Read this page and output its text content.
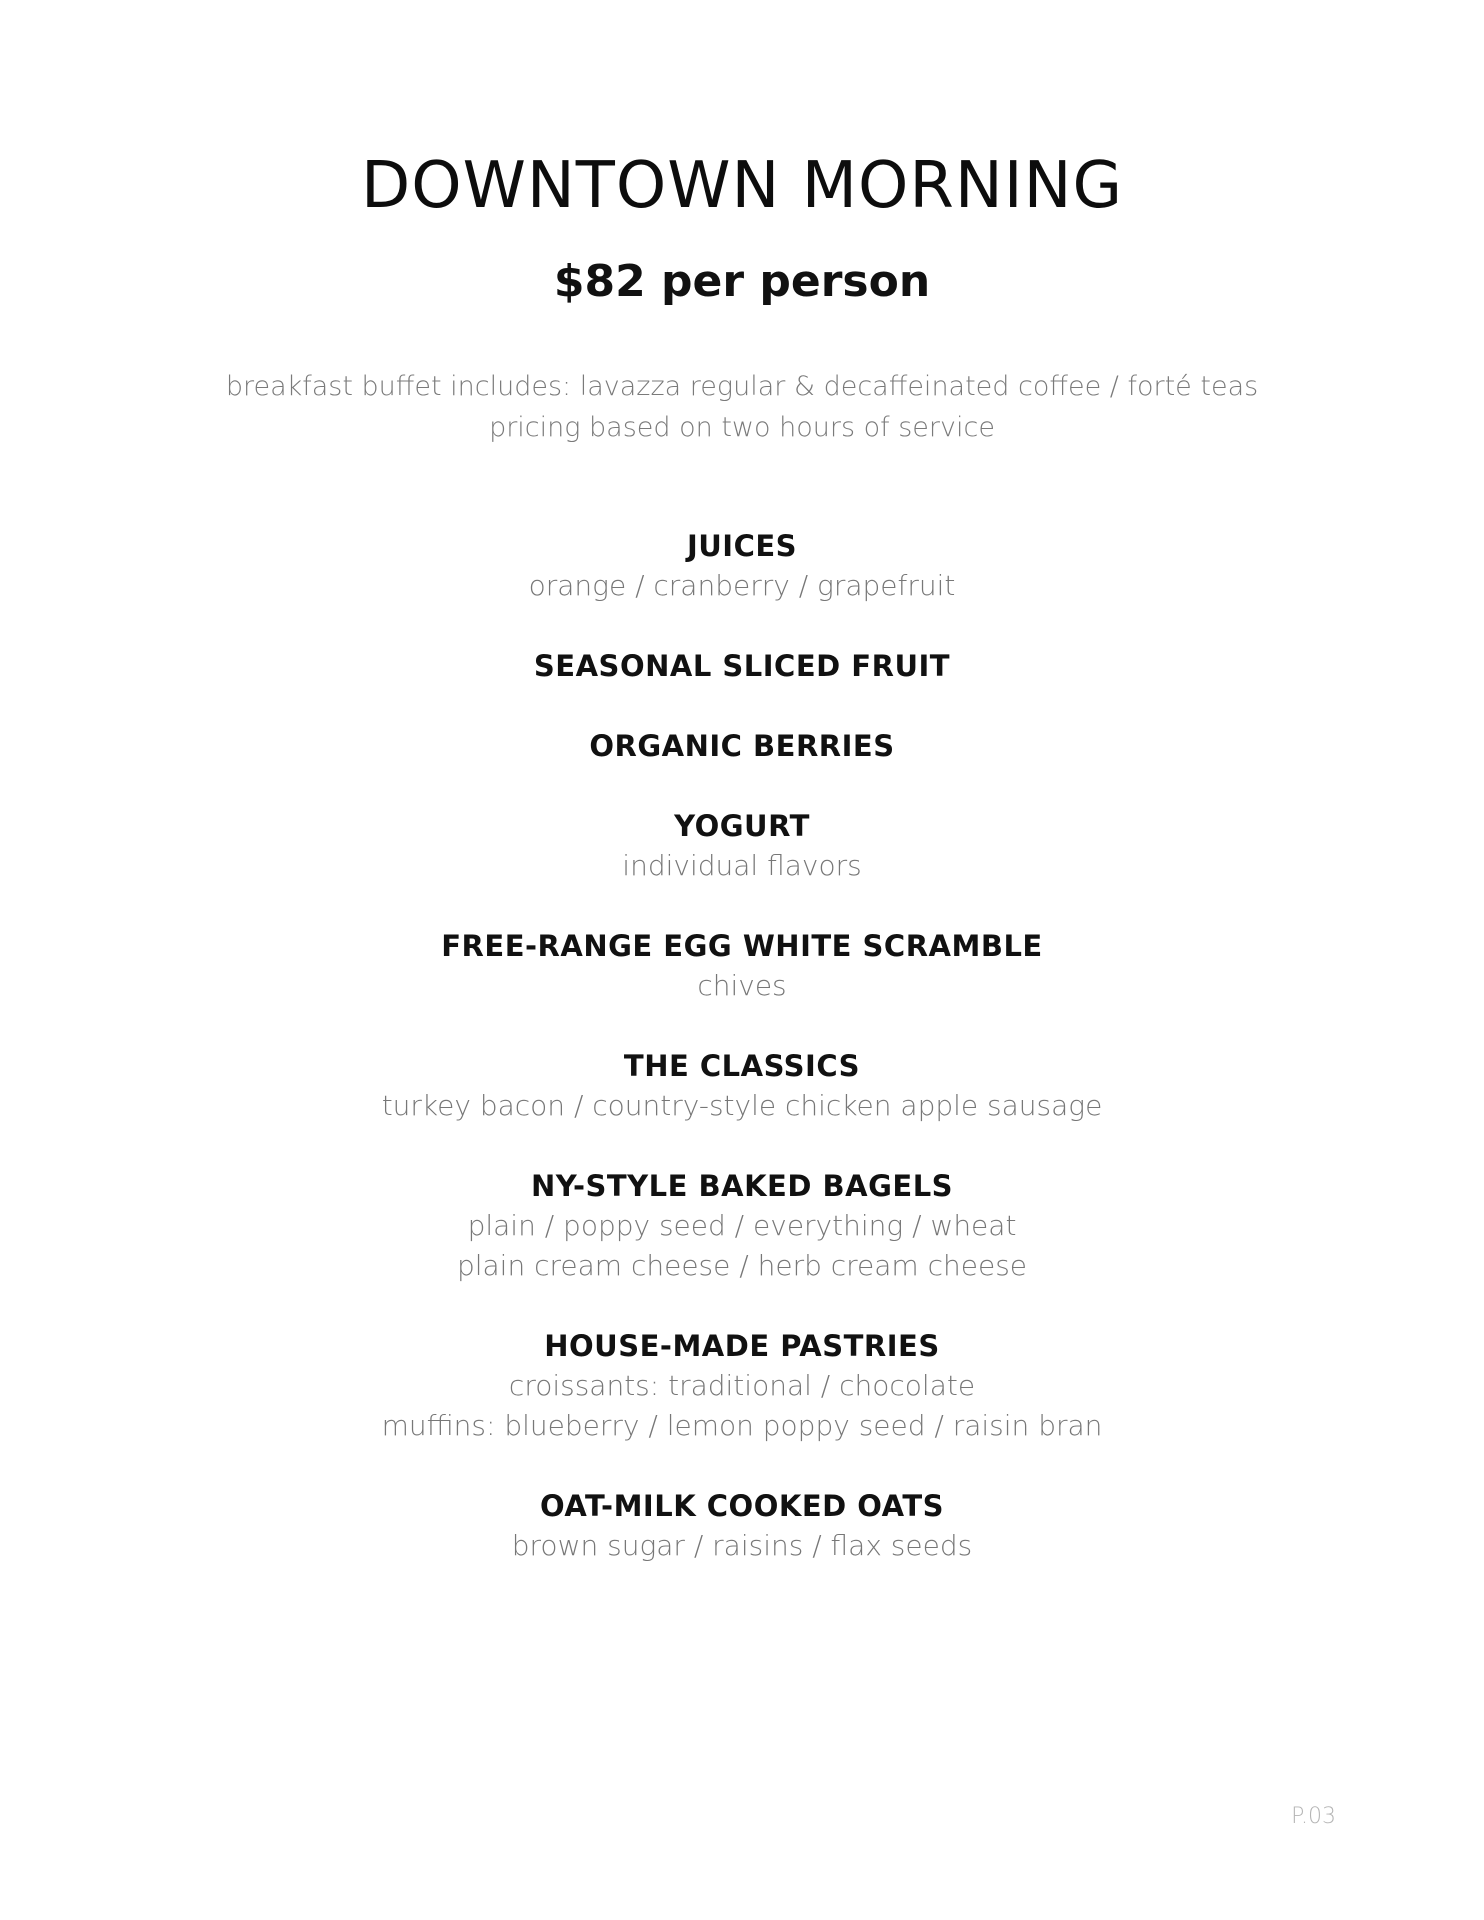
DOWNTOWN MORNING
$82 per person
breakfast buffet includes: lavazza regular & decaffeinated coffee / forté teas
pricing based on two hours of service
JUICES
orange / cranberry / grapefruit
SEASONAL SLICED FRUIT
ORGANIC BERRIES
YOGURT
individual flavors
FREE-RANGE EGG WHITE SCRAMBLE
chives
THE CLASSICS
turkey bacon / country-style chicken apple sausage
NY-STYLE BAKED BAGELS
plain / poppy seed / everything / wheat
plain cream cheese / herb cream cheese
HOUSE-MADE PASTRIES
croissants: traditional / chocolate
muffins: blueberry / lemon poppy seed / raisin bran
OAT-MILK COOKED OATS
brown sugar / raisins / flax seeds
P.03
